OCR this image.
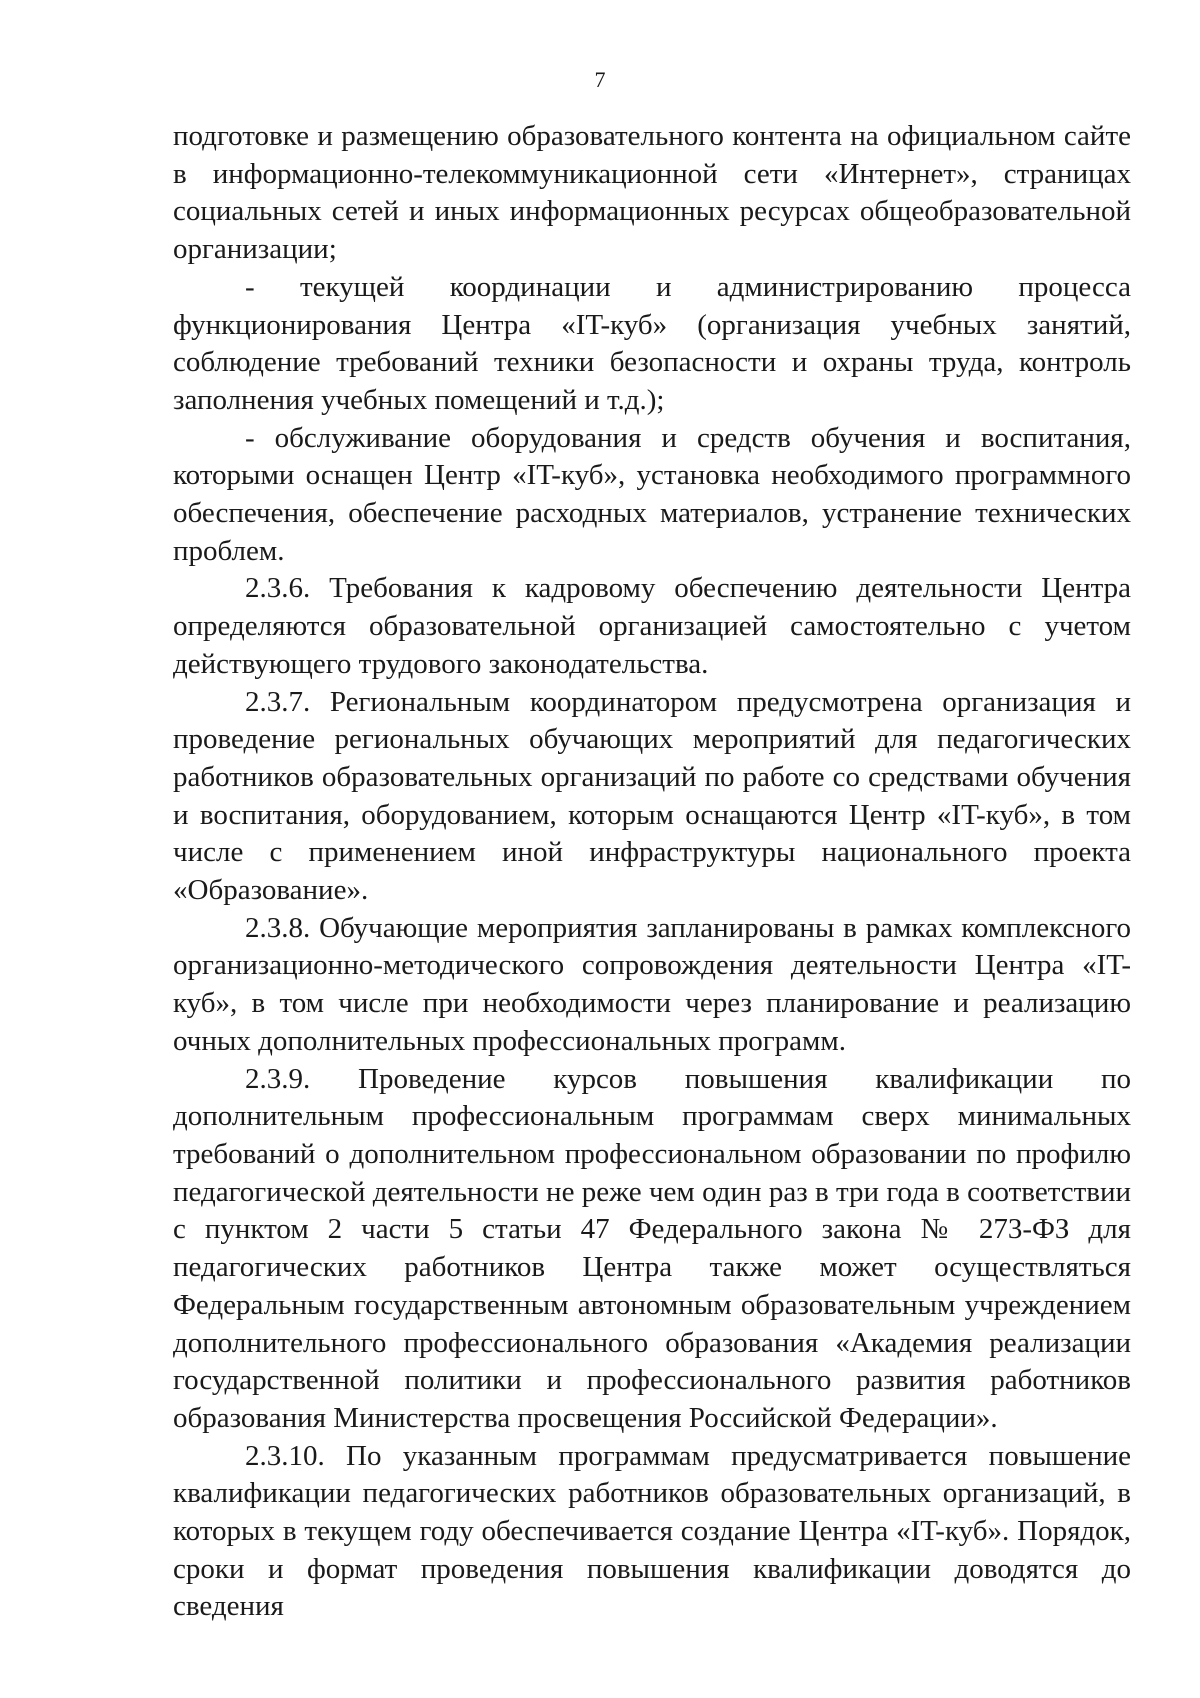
7

подготовке и размещению образовательного контента на официальном сайте в информационно-телекоммуникационной сети «Интернет», страницах социальных сетей и иных информационных ресурсах общеобразовательной организации;

- текущей координации и администрированию процесса функционирования Центра «IT-куб» (организация учебных занятий, соблюдение требований техники безопасности и охраны труда, контроль заполнения учебных помещений и т.д.);

- обслуживание оборудования и средств обучения и воспитания, которыми оснащен Центр «IT-куб», установка необходимого программного обеспечения, обеспечение расходных материалов, устранение технических проблем.

2.3.6. Требования к кадровому обеспечению деятельности Центра определяются образовательной организацией самостоятельно с учетом действующего трудового законодательства.

2.3.7. Региональным координатором предусмотрена организация и проведение региональных обучающих мероприятий для педагогических работников образовательных организаций по работе со средствами обучения и воспитания, оборудованием, которым оснащаются Центр «IT-куб», в том числе с применением иной инфраструктуры национального проекта «Образование».

2.3.8. Обучающие мероприятия запланированы в рамках комплексного организационно-методического сопровождения деятельности Центра «IT-куб», в том числе при необходимости через планирование и реализацию очных дополнительных профессиональных программ.

2.3.9. Проведение курсов повышения квалификации по дополнительным профессиональным программам сверх минимальных требований о дополнительном профессиональном образовании по профилю педагогической деятельности не реже чем один раз в три года в соответствии с пунктом 2 части 5 статьи 47 Федерального закона № 273-ФЗ для педагогических работников Центра также может осуществляться Федеральным государственным автономным образовательным учреждением дополнительного профессионального образования «Академия реализации государственной политики и профессионального развития работников образования Министерства просвещения Российской Федерации».

2.3.10. По указанным программам предусматривается повышение квалификации педагогических работников образовательных организаций, в которых в текущем году обеспечивается создание Центра «IT-куб». Порядок, сроки и формат проведения повышения квалификации доводятся до сведения
